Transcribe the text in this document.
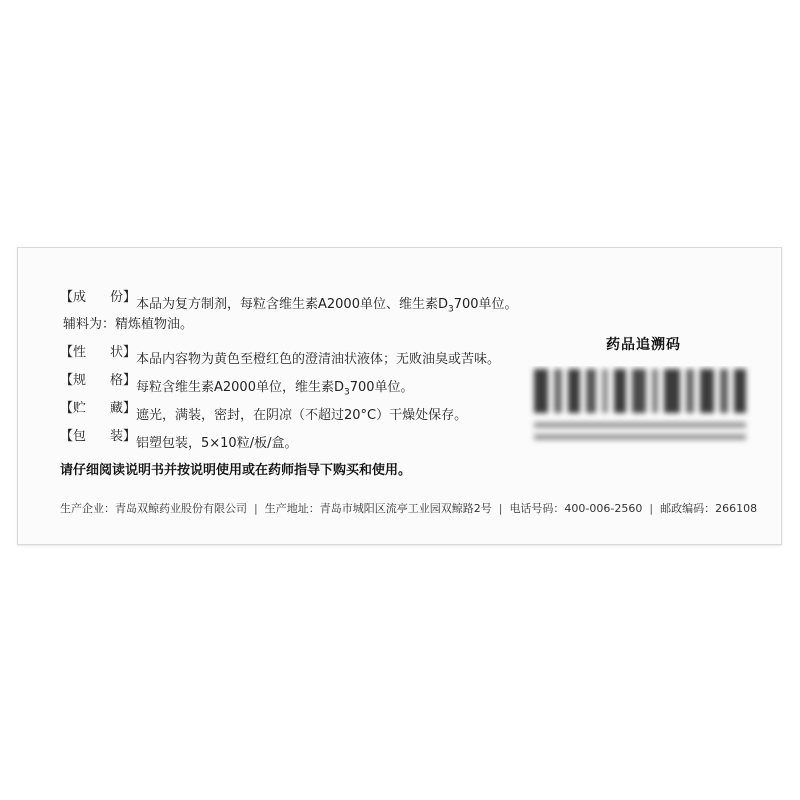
【成 份】 本品为复方制剂，每粒含维生素A2000单位、维生素$D_3700$单位。
辅料为：精炼植物油。
【性 状】 本品内容物为黄色至橙红色的澄清油状液体；无败油臭或苦味。
【规 格】 每粒含维生素A2000单位，维生素$D_3700$单位。
【贮 藏】 遮光，满装，密封，在阴凉（不超过20°C）干燥处保存。
【包 装】 铝塑包装，5×10粒/板/盒。
请仔细阅读说明书并按说明使用或在药师指导下购买和使用。
生产企业：青岛双鲸药业股份有限公司 | 生产地址：青岛市城阳区流亭工业园双鲸路2号 | 电话号码：400-006-2560 | 邮政编码：266108
药品追溯码
